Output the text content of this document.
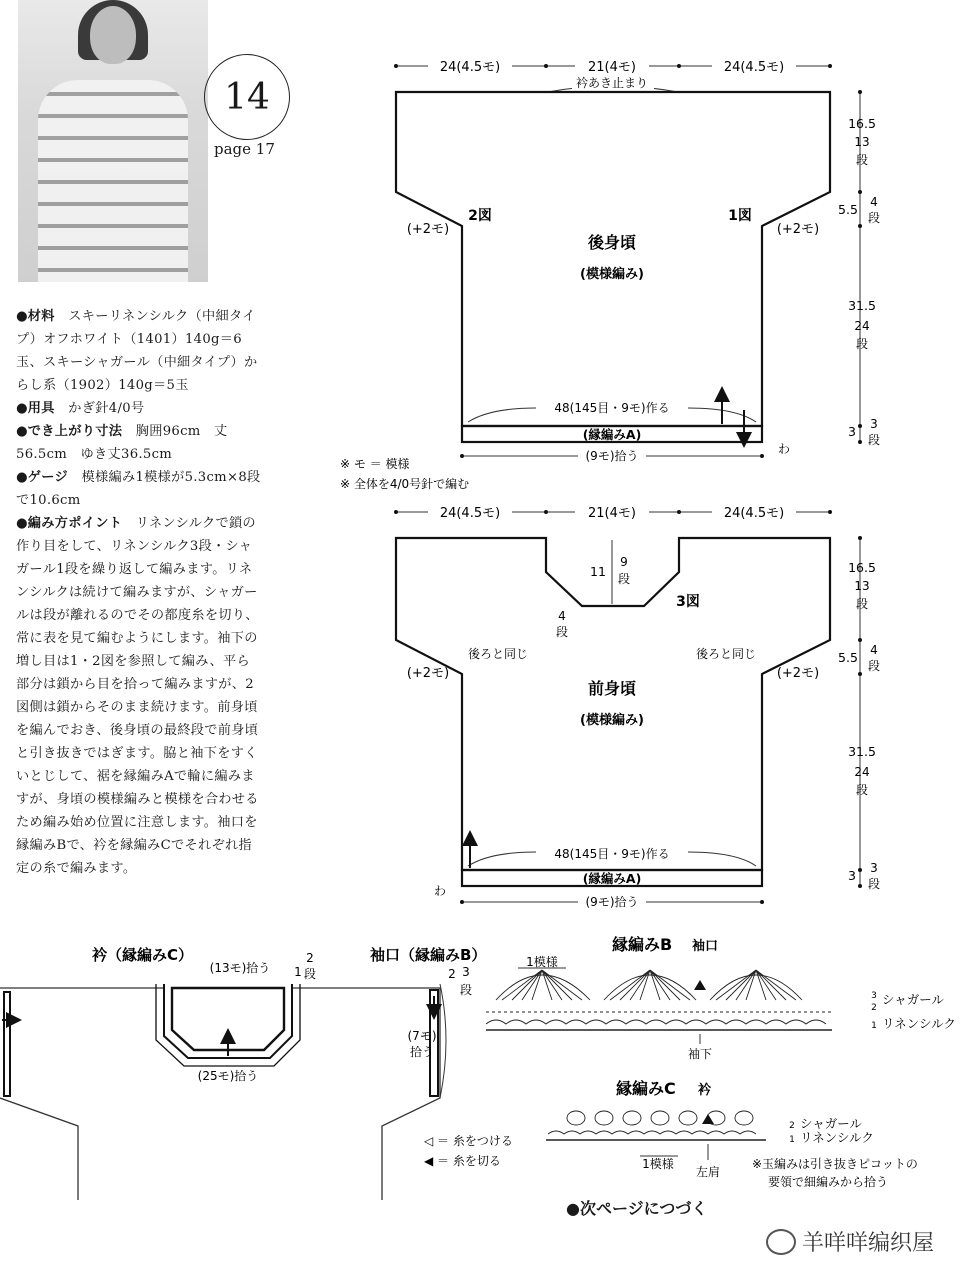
14
page 17

●材料　 スキーリネンシルク（中細タイプ）オフホワイト（1401）140g＝6玉、スキーシャガール（中細タイプ）からし系（1902）140g＝5玉

●用具　 かぎ針4/0号

●でき上がり寸法　 胸囲96cm　丈56.5cm　ゆき丈36.5cm

●ゲージ　 模様編み1模様が5.3cm×8段で10.6cm

●編み方ポイント　 リネンシルクで鎖の作り目をして、リネンシルク3段・シャガール1段を繰り返して編みます。リネンシルクは続けて編みますが、シャガールは段が離れるのでその都度糸を切り、常に表を見て編むようにします。袖下の増し目は1・2図を参照して編み、平ら部分は鎖から目を拾って編みますが、2図側は鎖からそのまま続けます。前身頃を編んでおき、後身頃の最終段で前身頃と引き抜きではぎます。脇と袖下をすくいとじして、裾を縁編みAで輪に編みますが、身頃の模様編みと模様を合わせるため編み始め位置に注意します。袖口を縁編みBで、衿を縁編みCでそれぞれ指定の糸で編みます。

24(4.5モ)	21(4モ)	24(4.5モ)
衿あき止まり
2図	1図
(+2モ)	(+2モ)
後身頃
(模様編み)
48(145目・9モ)作る
(縁編みA)
わ
(9モ)拾う
16.5
13
段
5.5 4
段
31.5
24
段
3 3
段
※ モ ＝ 模様
※ 全体を4/0号針で編む
24(4.5モ)	21(4モ)	24(4.5モ)
11
9
段
4
段
3図
後ろと同じ	後ろと同じ
(+2モ)	(+2モ)
前身頃
(模様編み)
48(145目・9モ)作る
(縁編みA)
わ
(9モ)拾う
16.5
13
段
5.5 4
段
31.5
24
段
3 3
段
衿（縁編みC）
(13モ)拾う 1
2
段
(25モ)拾う
袖口（縁編みB）
2 3
段
(7モ)
拾う
◁ ＝ 糸をつける
◀ ＝ 糸を切る
縁編みB 袖口
1模様
3
2
1
シャガール
リネンシルク
袖下
縁編みC 衿
2
1
シャガール
リネンシルク
1模様
左肩
※玉編みは引き抜きピコットの
要領で細編みから拾う
●次ページにつづく
羊咩咩编织屋
